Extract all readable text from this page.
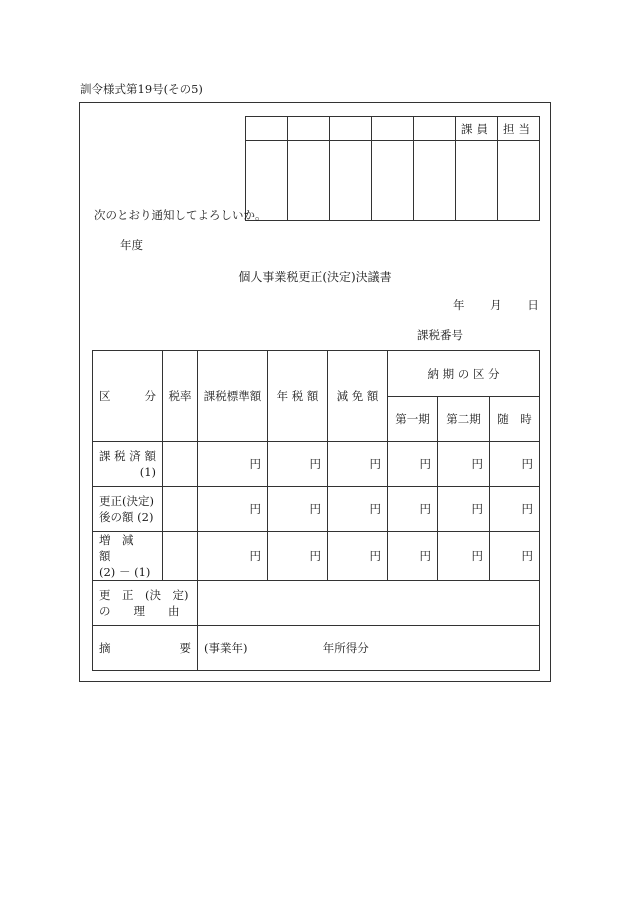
訓令様式第19号(その5)
					課員	担当

次のとおり通知してよろしいか。
年度
個人事業税更正(決定)決議書
年 月 日
課税番号
区 分	税率	課税標準額	年 税 額	減 免 額	納 期 の 区 分		
					第一期	第二期	随　時

課 税 済 額
(1)		円	円	円	円	円	円

更正(決定)
後の額 (2)		円	円	円	円	円	円

増　減　額
(2) － (1)		円	円	円	円	円	円

更　正　(決　定)
の　　理　　由							

摘 要		(事業年) 年所得分					
